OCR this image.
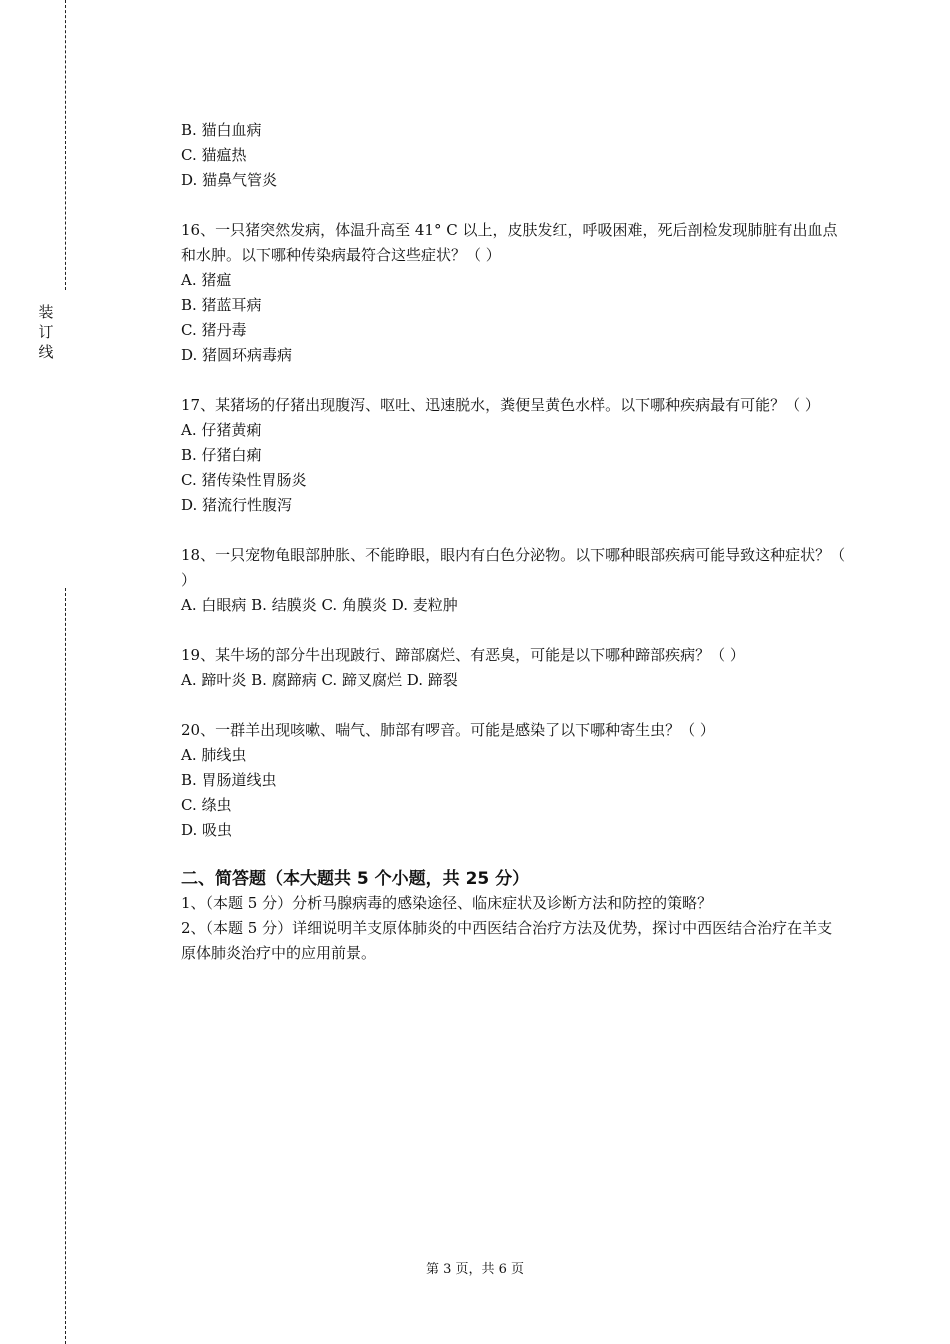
装
订
线

B. 猫白血病

C. 猫瘟热

D. 猫鼻气管炎

16、一只猪突然发病，体温升高至 41° C 以上，皮肤发红，呼吸困难，死后剖检发现肺脏有出血点和水肿。以下哪种传染病最符合这些症状？（ ）

A. 猪瘟

B. 猪蓝耳病

C. 猪丹毒

D. 猪圆环病毒病

17、某猪场的仔猪出现腹泻、呕吐、迅速脱水，粪便呈黄色水样。以下哪种疾病最有可能？（ ）

A. 仔猪黄痢

B. 仔猪白痢

C. 猪传染性胃肠炎

D. 猪流行性腹泻

18、一只宠物龟眼部肿胀、不能睁眼，眼内有白色分泌物。以下哪种眼部疾病可能导致这种症状？（ ）

A. 白眼病 B. 结膜炎 C. 角膜炎 D. 麦粒肿

19、某牛场的部分牛出现跛行、蹄部腐烂、有恶臭，可能是以下哪种蹄部疾病？（ ）

A. 蹄叶炎 B. 腐蹄病 C. 蹄叉腐烂 D. 蹄裂

20、一群羊出现咳嗽、喘气、肺部有啰音。可能是感染了以下哪种寄生虫？（ ）

A. 肺线虫

B. 胃肠道线虫

C. 绦虫

D. 吸虫

二、简答题（本大题共 5 个小题，共 25 分）

1、（本题 5 分）分析马腺病毒的感染途径、临床症状及诊断方法和防控的策略？

2、（本题 5 分）详细说明羊支原体肺炎的中西医结合治疗方法及优势，探讨中西医结合治疗在羊支原体肺炎治疗中的应用前景。

第 3 页，共 6 页
